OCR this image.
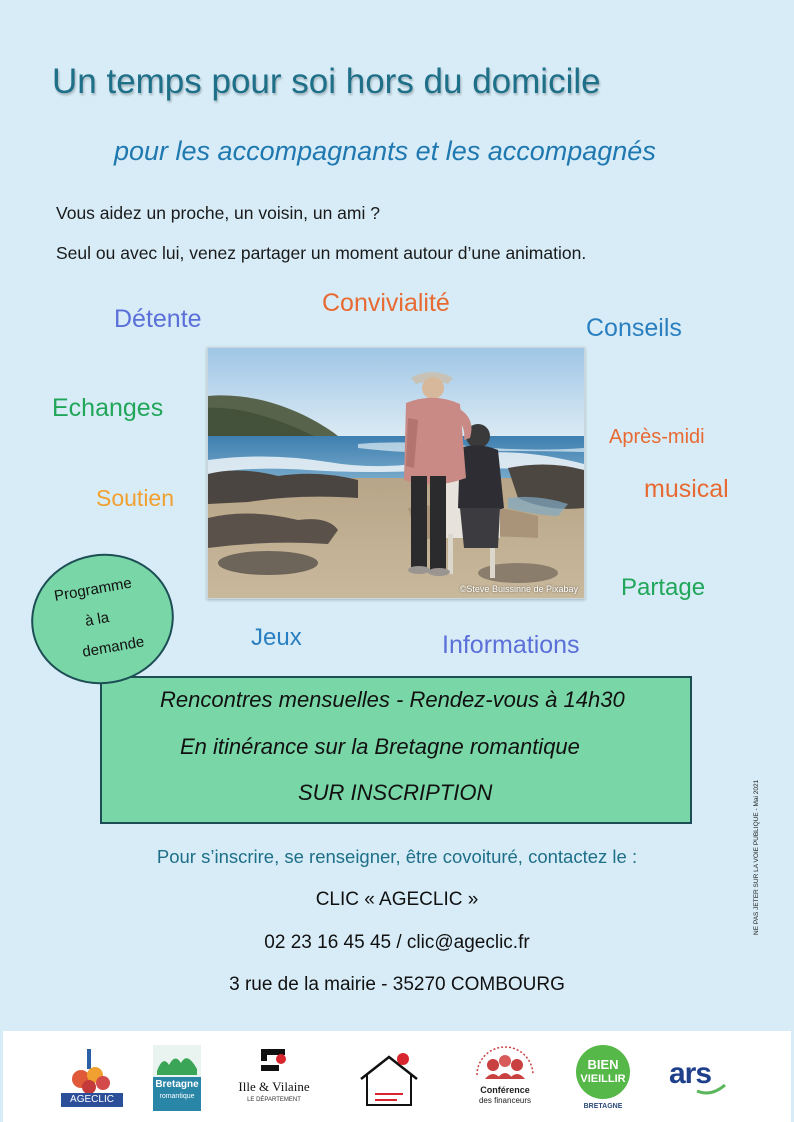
Un temps pour soi hors du domicile
pour les accompagnants et les accompagnés
Vous aidez un proche, un voisin, un ami ?
Seul ou avec lui, venez partager un moment autour d’une animation.
Détente
Convivialité
Conseils
Echanges
Après-midi
musical
Soutien
Partage
Jeux	Informations
©Steve Buissinne de Pixabay
Programme
à la
demande
Rencontres mensuelles - Rendez-vous à 14h30
En itinérance sur la Bretagne romantique
SUR INSCRIPTION
Pour s’inscrire, se renseigner, être covoituré, contactez le :
CLIC « AGECLIC »
02 23 16 45 45 / clic@ageclic.fr
3 rue de la mairie - 35270 COMBOURG
NE PAS JETER SUR LA VOIE PUBLIQUE - Mai 2021
AGECLIC
Bretagne
romantique
Ille & Vilaine
LE DÉPARTEMENT
Conférence
des financeurs
BIEN
VIEILLIR
BRETAGNE
ars
